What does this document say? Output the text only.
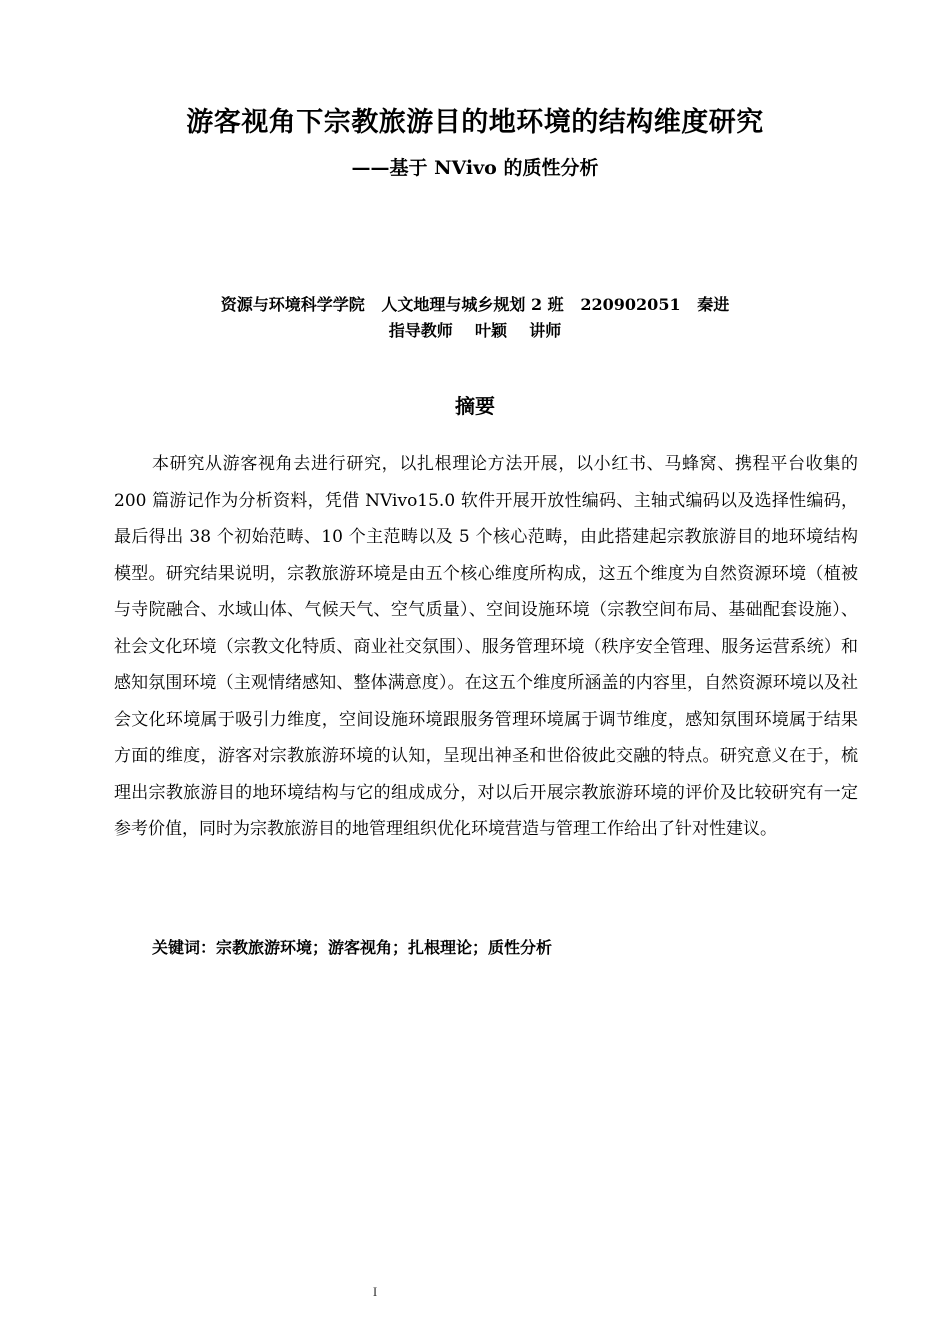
游客视角下宗教旅游目的地环境的结构维度研究
——基于 NVivo 的质性分析
资源与环境科学学院   人文地理与城乡规划 2 班   220902051   秦进
指导教师    叶颖    讲师
摘要

本研究从游客视角去进行研究，以扎根理论方法开展，以小红书、马蜂窝、携程平台收集的 200 篇游记作为分析资料，凭借 NVivo15.0 软件开展开放性编码、主轴式编码以及选择性编码，最后得出 38 个初始范畴、10 个主范畴以及 5 个核心范畴，由此搭建起宗教旅游目的地环境结构模型。研究结果说明，宗教旅游环境是由五个核心维度所构成，这五个维度为自然资源环境（植被与寺院融合、水域山体、气候天气、空气质量）、空间设施环境（宗教空间布局、基础配套设施）、社会文化环境（宗教文化特质、商业社交氛围）、服务管理环境（秩序安全管理、服务运营系统）和感知氛围环境（主观情绪感知、整体满意度）。在这五个维度所涵盖的内容里，自然资源环境以及社会文化环境属于吸引力维度，空间设施环境跟服务管理环境属于调节维度，感知氛围环境属于结果方面的维度，游客对宗教旅游环境的认知，呈现出神圣和世俗彼此交融的特点。研究意义在于，梳理出宗教旅游目的地环境结构与它的组成成分，对以后开展宗教旅游环境的评价及比较研究有一定参考价值，同时为宗教旅游目的地管理组织优化环境营造与管理工作给出了针对性建议。

关键词：宗教旅游环境；游客视角；扎根理论；质性分析
I
